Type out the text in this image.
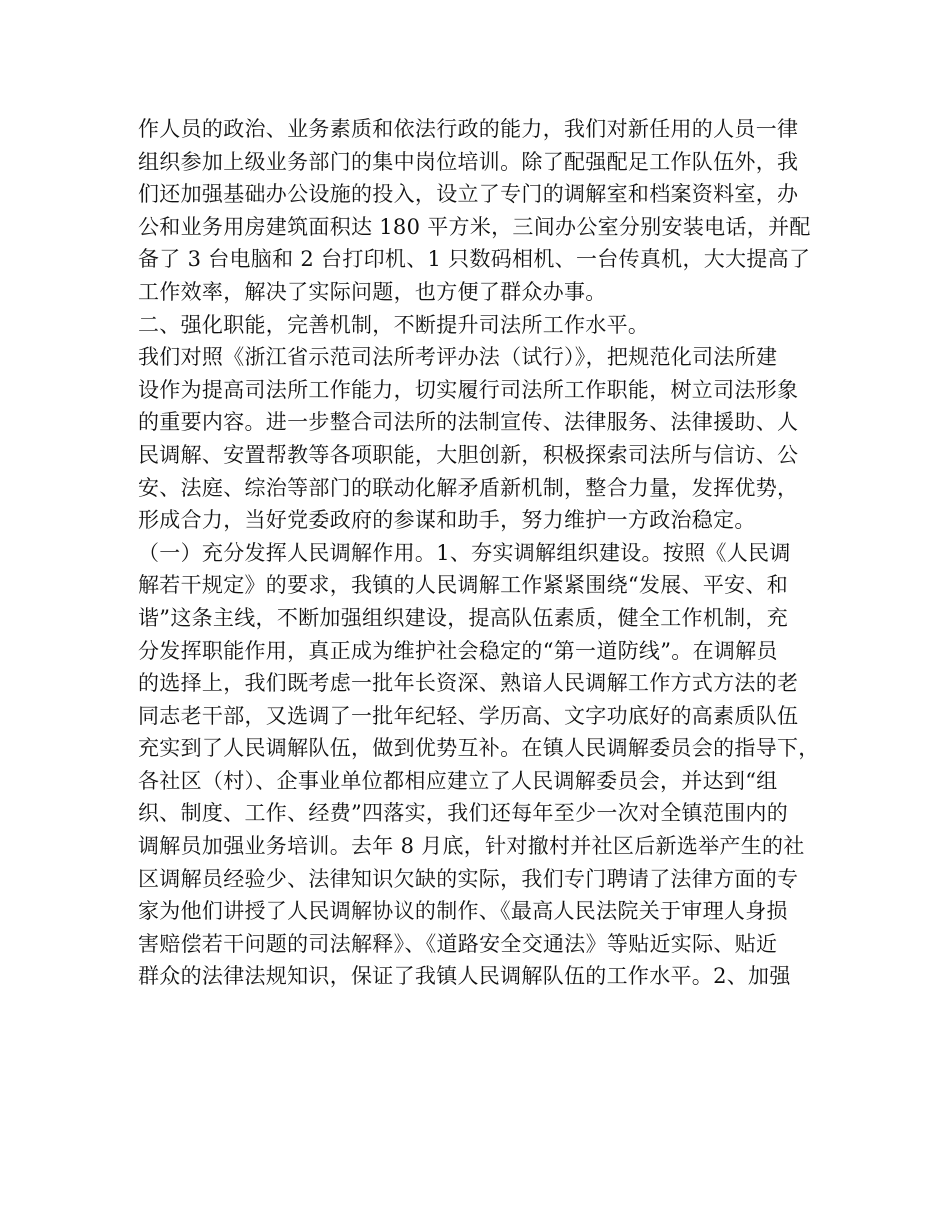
作人员的政治、业务素质和依法行政的能力，我们对新任用的人员一律
组织参加上级业务部门的集中岗位培训。除了配强配足工作队伍外，我
们还加强基础办公设施的投入，设立了专门的调解室和档案资料室，办
公和业务用房建筑面积达 180 平方米，三间办公室分别安装电话，并配
备了 3 台电脑和 2 台打印机、1 只数码相机、一台传真机，大大提高了
工作效率，解决了实际问题，也方便了群众办事。
二、强化职能，完善机制，不断提升司法所工作水平。
我们对照《浙江省示范司法所考评办法（试行）》，把规范化司法所建
设作为提高司法所工作能力，切实履行司法所工作职能，树立司法形象
的重要内容。进一步整合司法所的法制宣传、法律服务、法律援助、人
民调解、安置帮教等各项职能，大胆创新，积极探索司法所与信访、公
安、法庭、综治等部门的联动化解矛盾新机制，整合力量，发挥优势，
形成合力，当好党委政府的参谋和助手，努力维护一方政治稳定。
（一）充分发挥人民调解作用。1、夯实调解组织建设。按照《人民调
解若干规定》的要求，我镇的人民调解工作紧紧围绕“发展、平安、和
谐”这条主线，不断加强组织建设，提高队伍素质，健全工作机制，充
分发挥职能作用，真正成为维护社会稳定的“第一道防线”。在调解员
的选择上，我们既考虑一批年长资深、熟谙人民调解工作方式方法的老
同志老干部，又选调了一批年纪轻、学历高、文字功底好的高素质队伍
充实到了人民调解队伍，做到优势互补。在镇人民调解委员会的指导下，
各社区（村）、企事业单位都相应建立了人民调解委员会，并达到“组
织、制度、工作、经费”四落实，我们还每年至少一次对全镇范围内的
调解员加强业务培训。去年 8 月底，针对撤村并社区后新选举产生的社
区调解员经验少、法律知识欠缺的实际，我们专门聘请了法律方面的专
家为他们讲授了人民调解协议的制作、《最高人民法院关于审理人身损
害赔偿若干问题的司法解释》、《道路安全交通法》等贴近实际、贴近
群众的法律法规知识，保证了我镇人民调解队伍的工作水平。2、加强
